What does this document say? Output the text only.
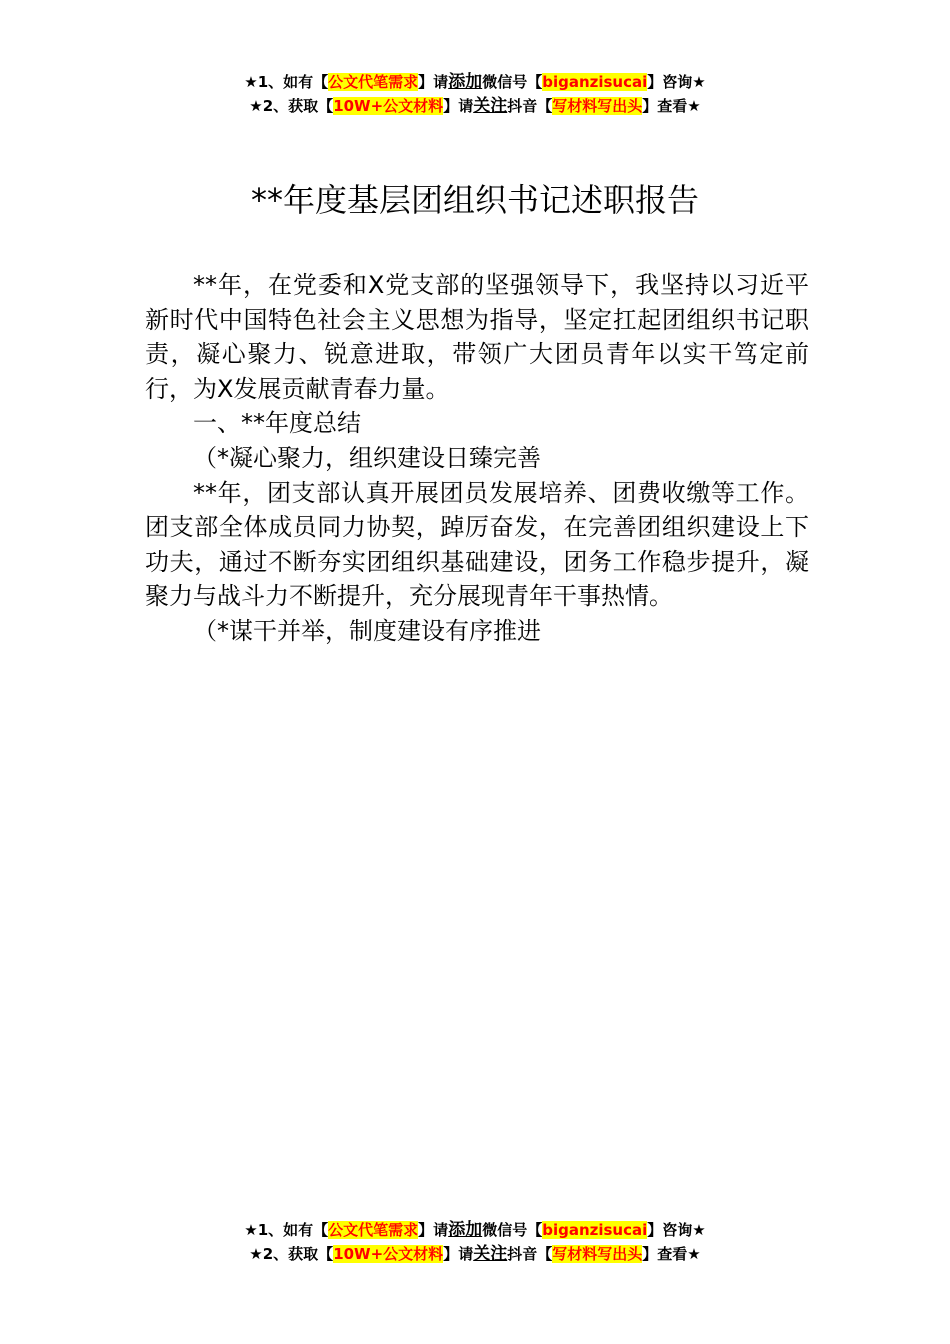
★1、如有【公文代笔需求】请添加微信号【biganzisucai】咨询★
★2、获取【10W+公文材料】请关注抖音【写材料写出头】查看★
**年度基层团组织书记述职报告

**年，在党委和X党支部的坚强领导下，我坚持以习近平新时代中国特色社会主义思想为指导，坚定扛起团组织书记职责，凝心聚力、锐意进取，带领广大团员青年以实干笃定前行，为X发展贡献青春力量。

一、**年度总结

（*凝心聚力，组织建设日臻完善

**年，团支部认真开展团员发展培养、团费收缴等工作。团支部全体成员同力协契，踔厉奋发，在完善团组织建设上下功夫，通过不断夯实团组织基础建设，团务工作稳步提升，凝聚力与战斗力不断提升，充分展现青年干事热情。

（*谋干并举，制度建设有序推进

★1、如有【公文代笔需求】请添加微信号【biganzisucai】咨询★
★2、获取【10W+公文材料】请关注抖音【写材料写出头】查看★
